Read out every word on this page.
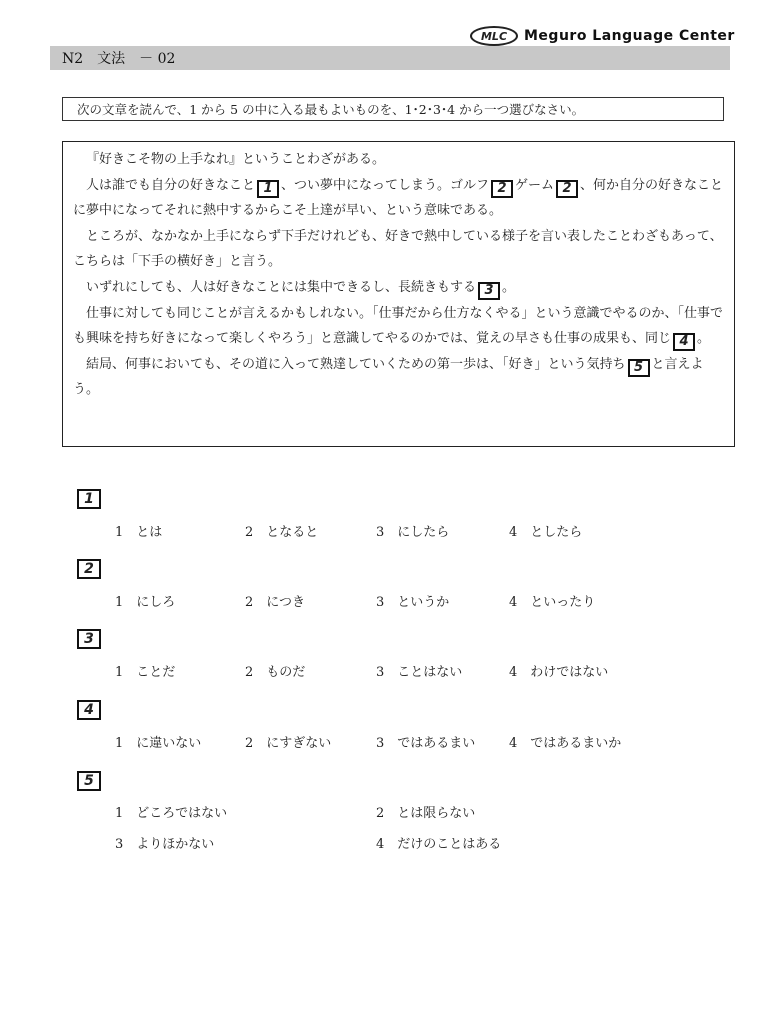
MLC	Meguro Language Center
N2　文法　－ 02
次の文章を読んで、1 から 5 の中に入る最もよいものを、1･2･3･4 から一つ選びなさい。

『好きこそ物の上手なれ』ということわざがある。

人は誰でも自分の好きなこと 1 、つい夢中になってしまう。ゴルフ 2 ゲーム 2 、何か自分の好きなことに夢中になってそれに熱中するからこそ上達が早い、という意味である。

ところが、なかなか上手にならず下手だけれども、好きで熱中している様子を言い表したことわざもあって、こちらは「下手の横好き」と言う。

いずれにしても、人は好きなことには集中できるし、長続きもする 3 。

仕事に対しても同じことが言えるかもしれない。「仕事だから仕方なくやる」という意識でやるのか、「仕事でも興味を持ち好きになって楽しくやろう」と意識してやるのかでは、覚えの早さも仕事の成果も、同じ 4 。

結局、何事においても、その道に入って熟達していくための第一歩は、「好き」という気持ち 5 と言えよう。

1
1　とは	2　となると	3　にしたら	4　としたら
2
1　にしろ	2　につき	3　というか	4　といったり
3
1　ことだ	2　ものだ	3　ことはない	4　わけではない
4
1　に違いない	2　にすぎない	3　ではあるまい	4　ではあるまいか
5
1　どころではない	2　とは限らない
3　よりほかない	4　だけのことはある
